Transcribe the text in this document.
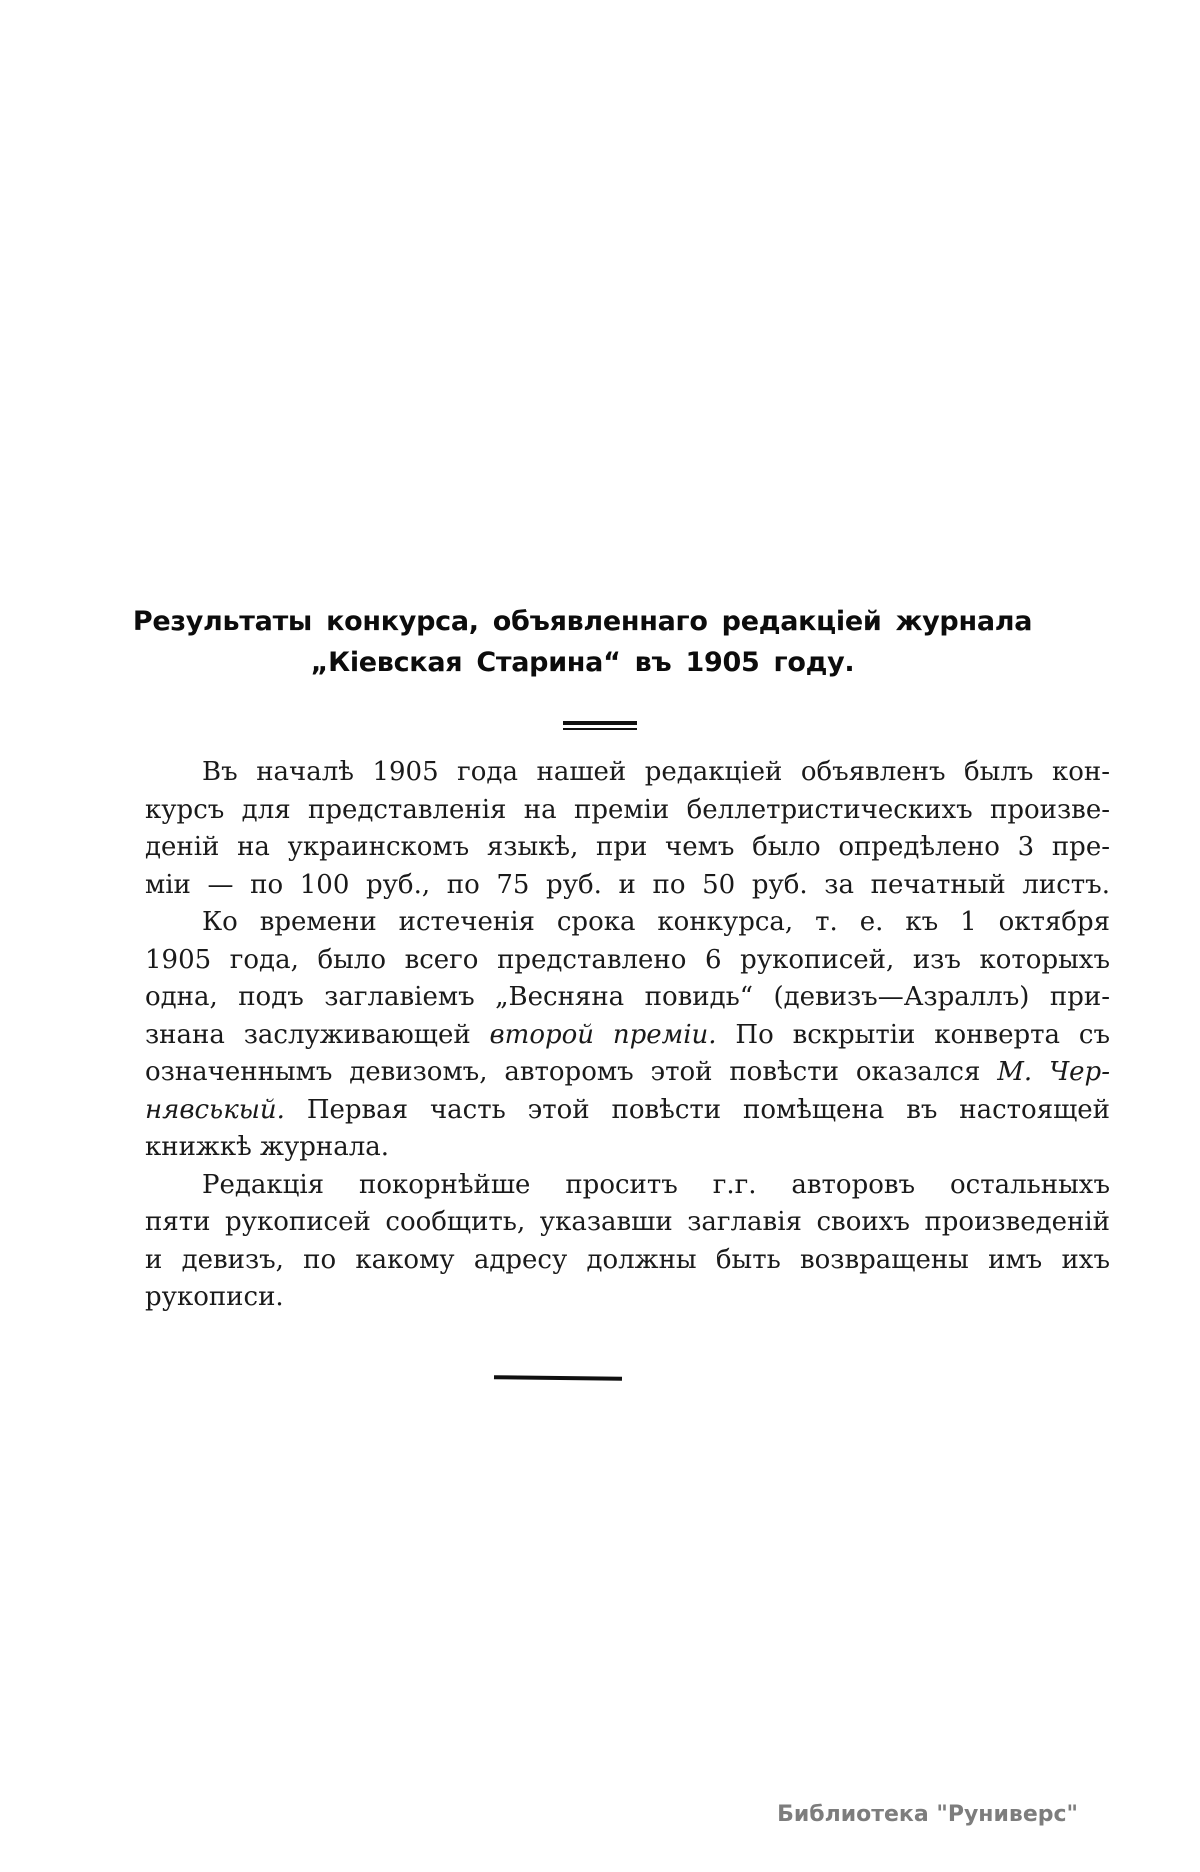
Результаты конкурса, объявленнаго редакціей журнала
„Кіевская Старина“ въ 1905 году.
Въ началѣ 1905 года нашей редакціей объявленъ былъ кон-
курсъ для представленія на преміи беллетристическихъ произве-
деній на украинскомъ языкѣ, при чемъ было опредѣлено 3 пре-
міи — по 100 руб., по 75 руб. и по 50 руб. за печатный листъ.
Ко времени истеченія срока конкурса, т. е. къ 1 октября
1905 года, было всего представлено 6 рукописей, изъ которыхъ
одна, подъ заглавіемъ „Весняна повидь“ (девизъ—Азраллъ) при-
знана заслуживающей второй преміи. По вскрытіи конверта съ
означеннымъ девизомъ, авторомъ этой повѣсти оказался М. Чер-
нявськый. Первая часть этой повѣсти помѣщена въ настоящей
книжкѣ журнала.
Редакція покорнѣйше проситъ г.г. авторовъ остальныхъ
пяти рукописей сообщить, указавши заглавія своихъ произведеній
и девизъ, по какому адресу должны быть возвращены имъ ихъ
рукописи.
Библиотека "Руниверс"
